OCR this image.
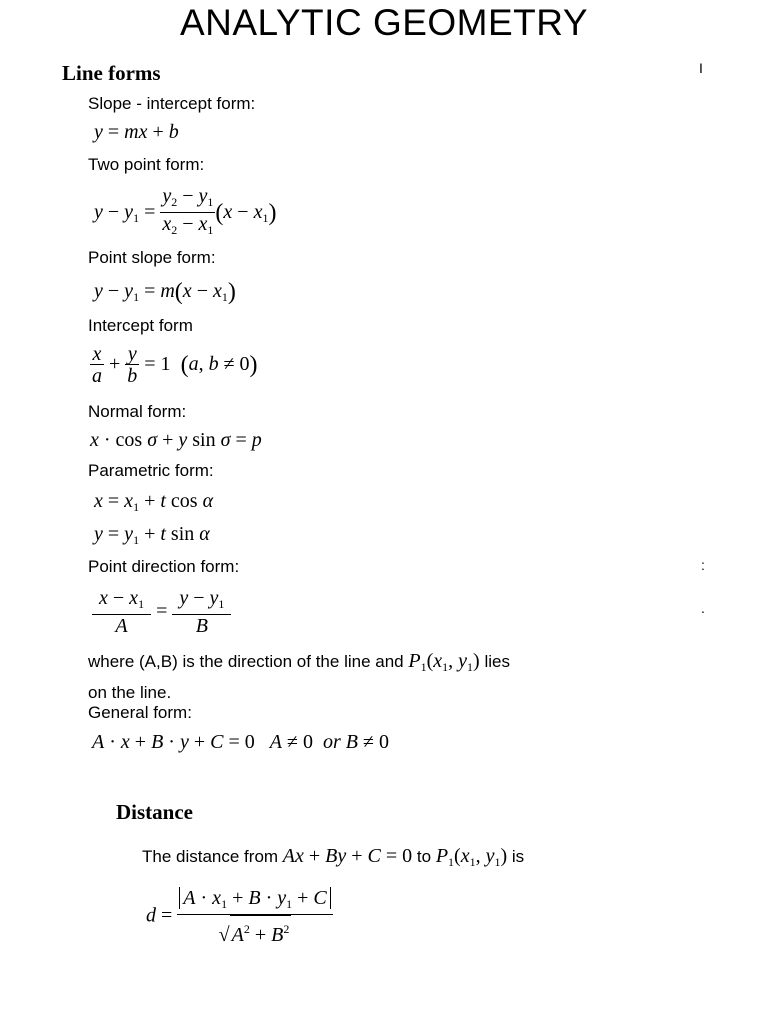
ANALYTIC GEOMETRY
I
:
.
Line forms
Slope - intercept form:
y = mx + b
Two point form:
$y - y_1 = \frac{y_2 - y_1}{x_2 - x_1} (x - x_1)$
Point slope form:
$y - y_1 = m(x - x_1)$
Intercept form
$\frac{x}{a} + \frac{y}{b} = 1$  (a, b ≠ 0)
Normal form:
x · cos σ + y sin σ = p
Parametric form:
$x = x_1 + t$ cos α
$y = y_1 + t$ sin α
Point direction form:
$\frac{x - x_1}{A} = \frac{y - y_1}{B}$
where (A,B) is the direction of the line and $P_1(x_1$, $y_1$) lies
on the line.
General form:
A · x + B · y + C = 0   A ≠ 0  or B ≠ 0
Distance
The distance from Ax + By + C = 0 to $P_1(x_1$, $y_1$) is
$d = \frac{A \cdot x_1 + B \cdot y_1 + C}{√ A^2 + B^2}$
